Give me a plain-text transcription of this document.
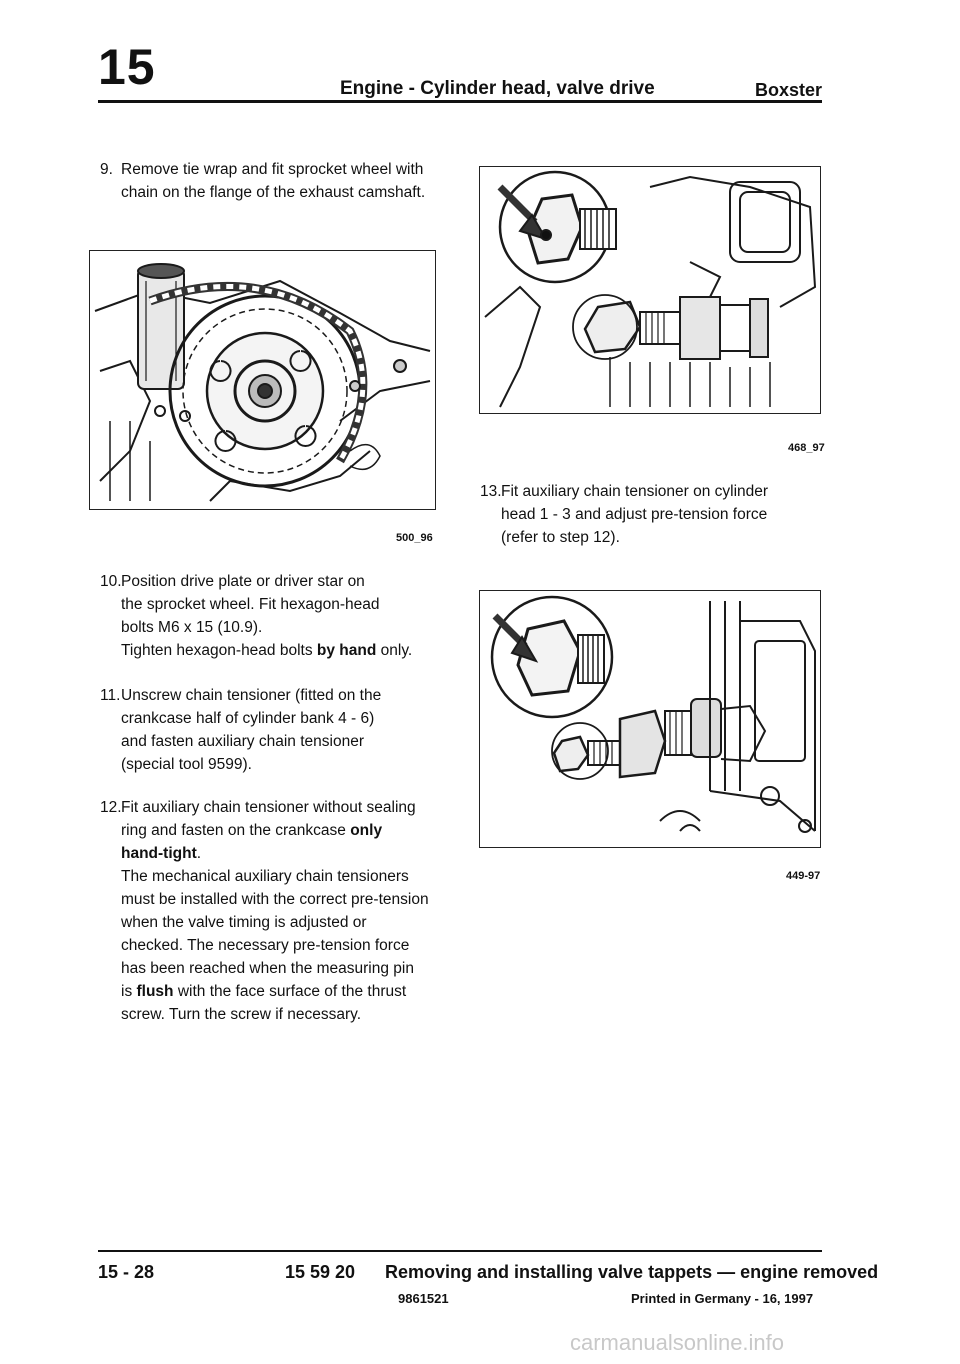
15	Engine - Cylinder head, valve drive	Boxster
9. Remove tie wrap and fit sprocket wheel with
chain on the flange of the exhaust camshaft.
500_96
10. Position drive plate or driver star on
the sprocket wheel. Fit hexagon-head
bolts M6 x 15 (10.9).
Tighten hexagon-head bolts by hand only.
11. Unscrew chain tensioner (fitted on the
crankcase half of cylinder bank 4 - 6)
and fasten auxiliary chain tensioner
(special tool 9599).
12. Fit auxiliary chain tensioner without sealing
ring and fasten on the crankcase only
hand-tight.
The mechanical auxiliary chain tensioners
must be installed with the correct pre-tension
when the valve timing is adjusted or
checked. The necessary pre-tension force
has been reached when the measuring pin
is flush with the face surface of the thrust
screw. Turn the screw if necessary.
468_97
13. Fit auxiliary chain tensioner on cylinder
head 1 - 3 and adjust pre-tension force
(refer to step 12).
449-97
15 - 28	15 59 20 Removing and installing valve tappets — engine removed
9861521	Printed in Germany - 16, 1997
carmanualsonline.info
